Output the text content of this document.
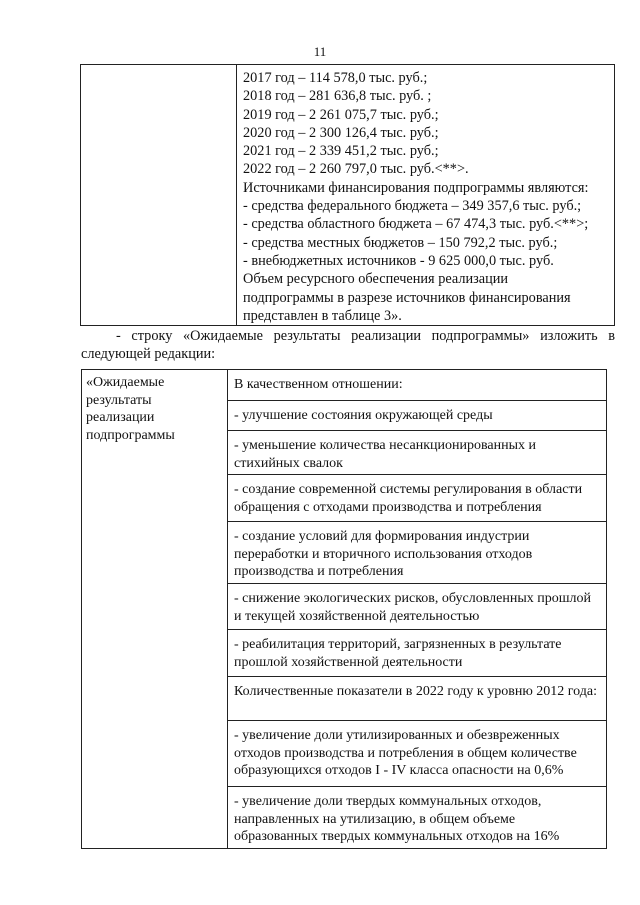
11

2017 год – 114 578,0 тыс. руб.;
2018 год – 281 636,8 тыс. руб. ;
2019 год – 2 261 075,7 тыс. руб.;
2020 год – 2 300 126,4 тыс. руб.;
2021 год – 2 339 451,2 тыс. руб.;
2022 год – 2 260 797,0 тыс. руб.<**>.
Источниками финансирования подпрограммы являются:
- средства федерального бюджета – 349 357,6 тыс. руб.;
- средства областного бюджета – 67 474,3 тыс. руб.<**>;
- средства местных бюджетов – 150 792,2 тыс. руб.;
- внебюджетных источников - 9 625 000,0 тыс. руб.
Объем ресурсного обеспечения реализации
подпрограммы в разрезе источников финансирования
представлен в таблице 3».
- строку «Ожидаемые результаты реализации подпрограммы» изложить в следующей редакции:
«Ожидаемые результаты реализации подпрограммы	В качественном отношении:
- улучшение состояния окружающей среды
- уменьшение количества несанкционированных и стихийных свалок
- создание современной системы регулирования в области обращения с отходами производства и потребления
- создание условий для формирования индустрии переработки и вторичного использования отходов производства и потребления
- снижение экологических рисков, обусловленных прошлой и текущей хозяйственной деятельностью
- реабилитация территорий, загрязненных в результате прошлой хозяйственной деятельности
Количественные показатели в 2022 году к уровню 2012 года:
- увеличение доли утилизированных и обезвреженных отходов производства и потребления в общем количестве образующихся отходов I - IV класса опасности на 0,6%
- увеличение доли твердых коммунальных отходов, направленных на утилизацию, в общем объеме образованных твердых коммунальных отходов на 16%
